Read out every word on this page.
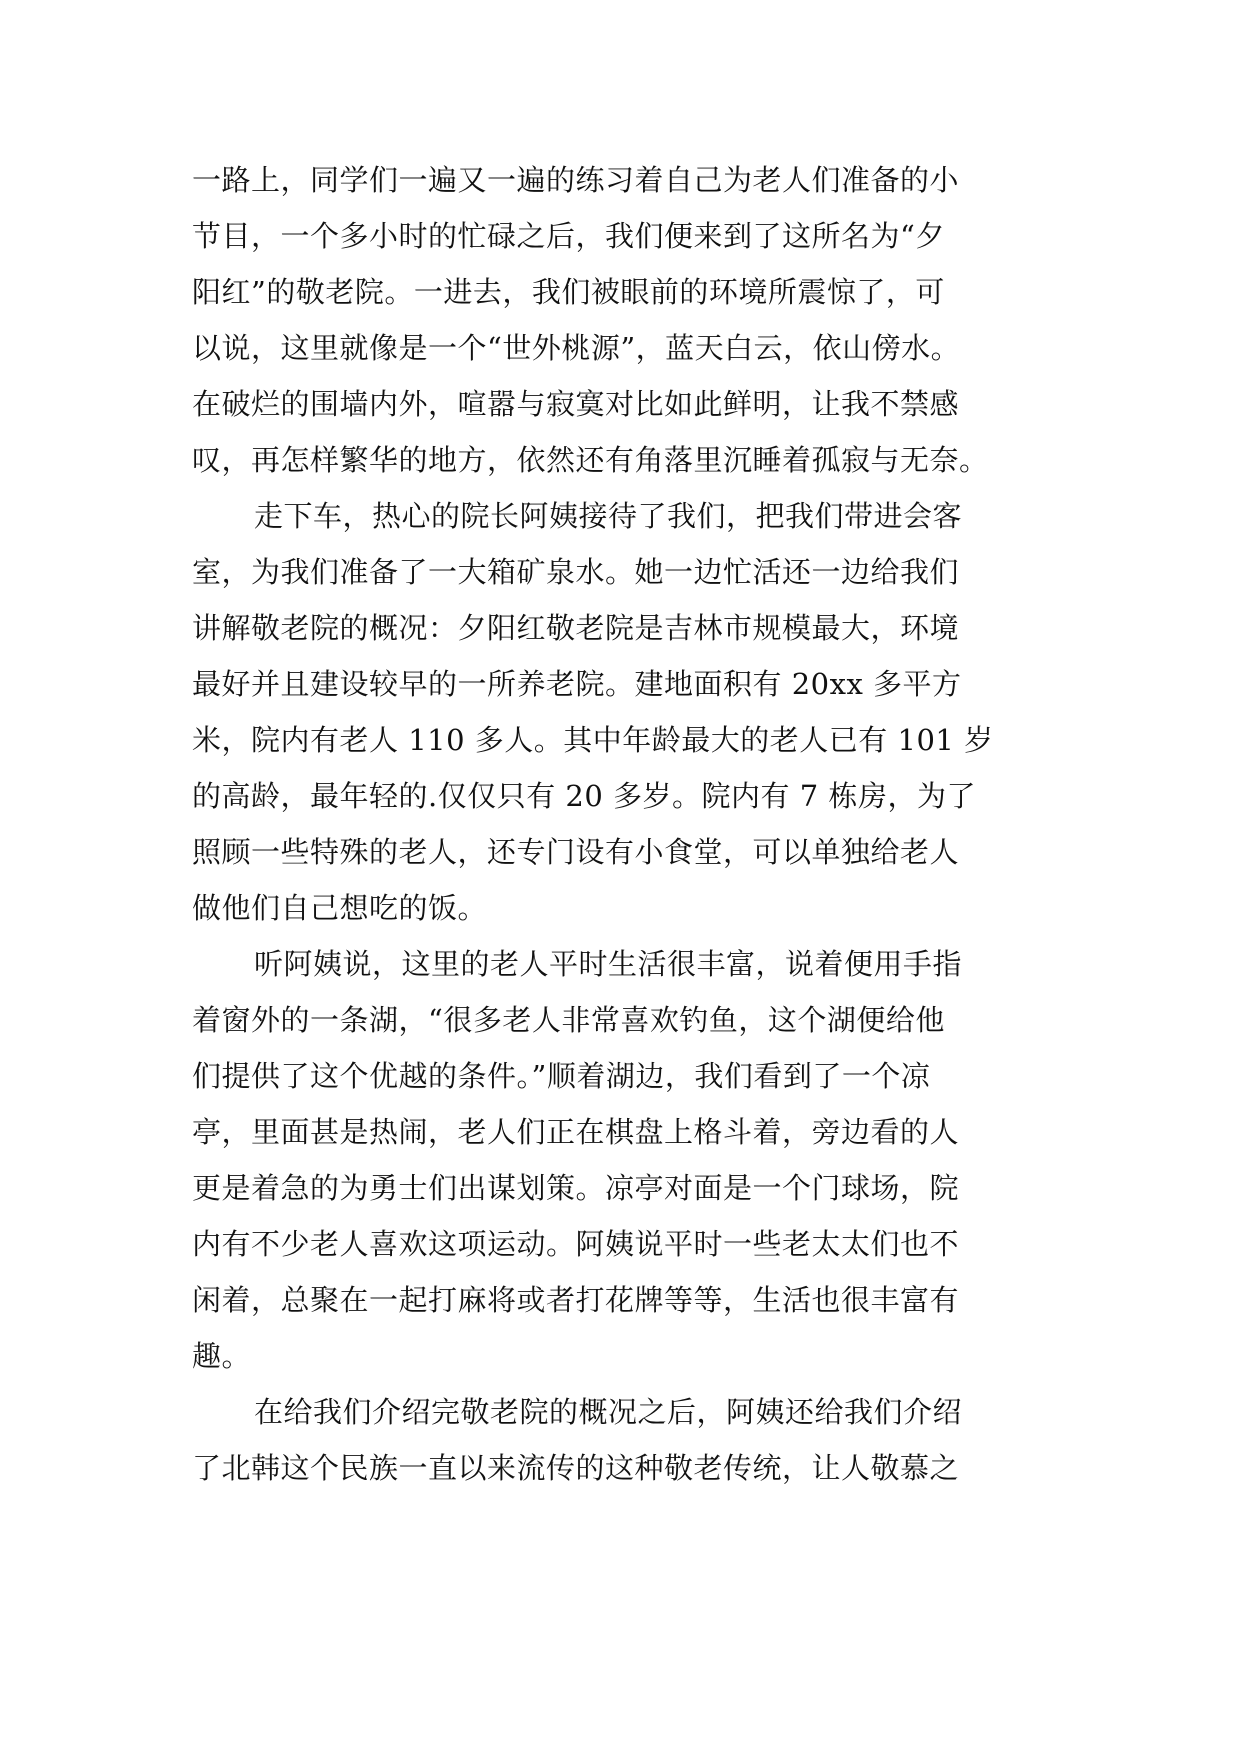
一路上，同学们一遍又一遍的练习着自己为老人们准备的小
节目，一个多小时的忙碌之后，我们便来到了这所名为“夕
阳红”的敬老院。一进去，我们被眼前的环境所震惊了，可
以说，这里就像是一个“世外桃源”，蓝天白云，依山傍水。
在破烂的围墙内外，喧嚣与寂寞对比如此鲜明，让我不禁感
叹，再怎样繁华的地方，依然还有角落里沉睡着孤寂与无奈。
走下车，热心的院长阿姨接待了我们，把我们带进会客
室，为我们准备了一大箱矿泉水。她一边忙活还一边给我们
讲解敬老院的概况：夕阳红敬老院是吉林市规模最大，环境
最好并且建设较早的一所养老院。建地面积有 20xx 多平方
米，院内有老人 110 多人。其中年龄最大的老人已有 101 岁
的高龄，最年轻的.仅仅只有 20 多岁。院内有 7 栋房，为了
照顾一些特殊的老人，还专门设有小食堂，可以单独给老人
做他们自己想吃的饭。
听阿姨说，这里的老人平时生活很丰富，说着便用手指
着窗外的一条湖，“很多老人非常喜欢钓鱼，这个湖便给他
们提供了这个优越的条件。”顺着湖边，我们看到了一个凉
亭，里面甚是热闹，老人们正在棋盘上格斗着，旁边看的人
更是着急的为勇士们出谋划策。凉亭对面是一个门球场，院
内有不少老人喜欢这项运动。阿姨说平时一些老太太们也不
闲着，总聚在一起打麻将或者打花牌等等，生活也很丰富有
趣。
在给我们介绍完敬老院的概况之后，阿姨还给我们介绍
了北韩这个民族一直以来流传的这种敬老传统，让人敬慕之
